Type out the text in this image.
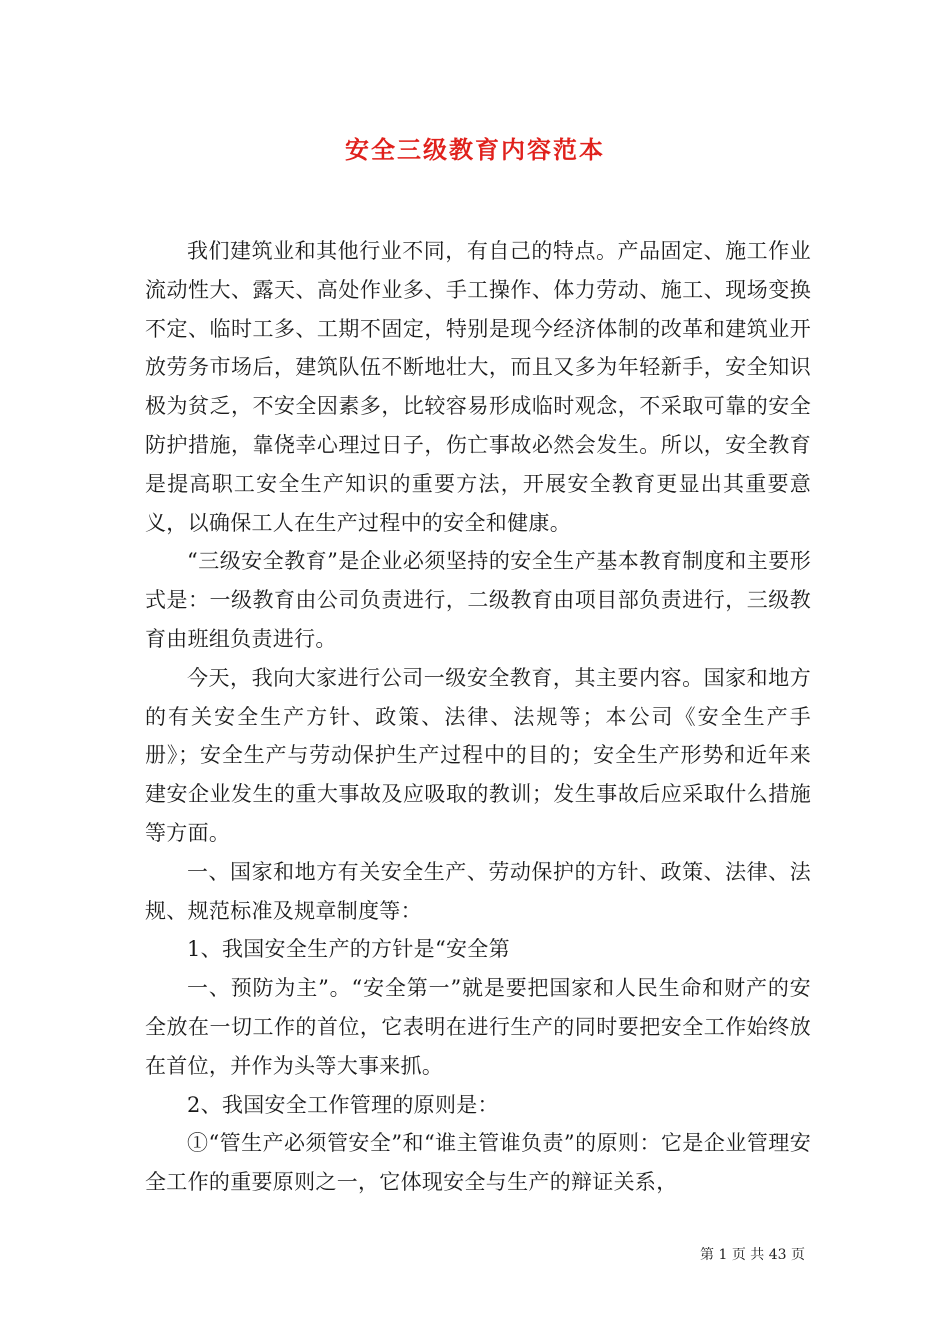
安全三级教育内容范本

我们建筑业和其他行业不同，有自己的特点。产品固定、施工作业流动性大、露天、高处作业多、手工操作、体力劳动、施工、现场变换不定、临时工多、工期不固定，特别是现今经济体制的改革和建筑业开放劳务市场后，建筑队伍不断地壮大，而且又多为年轻新手，安全知识极为贫乏，不安全因素多，比较容易形成临时观念，不采取可靠的安全防护措施，靠侥幸心理过日子，伤亡事故必然会发生。所以，安全教育是提高职工安全生产知识的重要方法，开展安全教育更显出其重要意义，以确保工人在生产过程中的安全和健康。

“三级安全教育”是企业必须坚持的安全生产基本教育制度和主要形式是：一级教育由公司负责进行，二级教育由项目部负责进行，三级教育由班组负责进行。

今天，我向大家进行公司一级安全教育，其主要内容。国家和地方的有关安全生产方针、政策、法律、法规等；本公司《安全生产手册》；安全生产与劳动保护生产过程中的目的；安全生产形势和近年来建安企业发生的重大事故及应吸取的教训；发生事故后应采取什么措施等方面。

一、国家和地方有关安全生产、劳动保护的方针、政策、法律、法规、规范标准及规章制度等：

1、我国安全生产的方针是“安全第

一、预防为主”。“安全第一”就是要把国家和人民生命和财产的安全放在一切工作的首位，它表明在进行生产的同时要把安全工作始终放在首位，并作为头等大事来抓。

2、我国安全工作管理的原则是：

①“管生产必须管安全”和“谁主管谁负责”的原则：它是企业管理安全工作的重要原则之一，它体现安全与生产的辩证关系，

第 1 页 共 43 页
